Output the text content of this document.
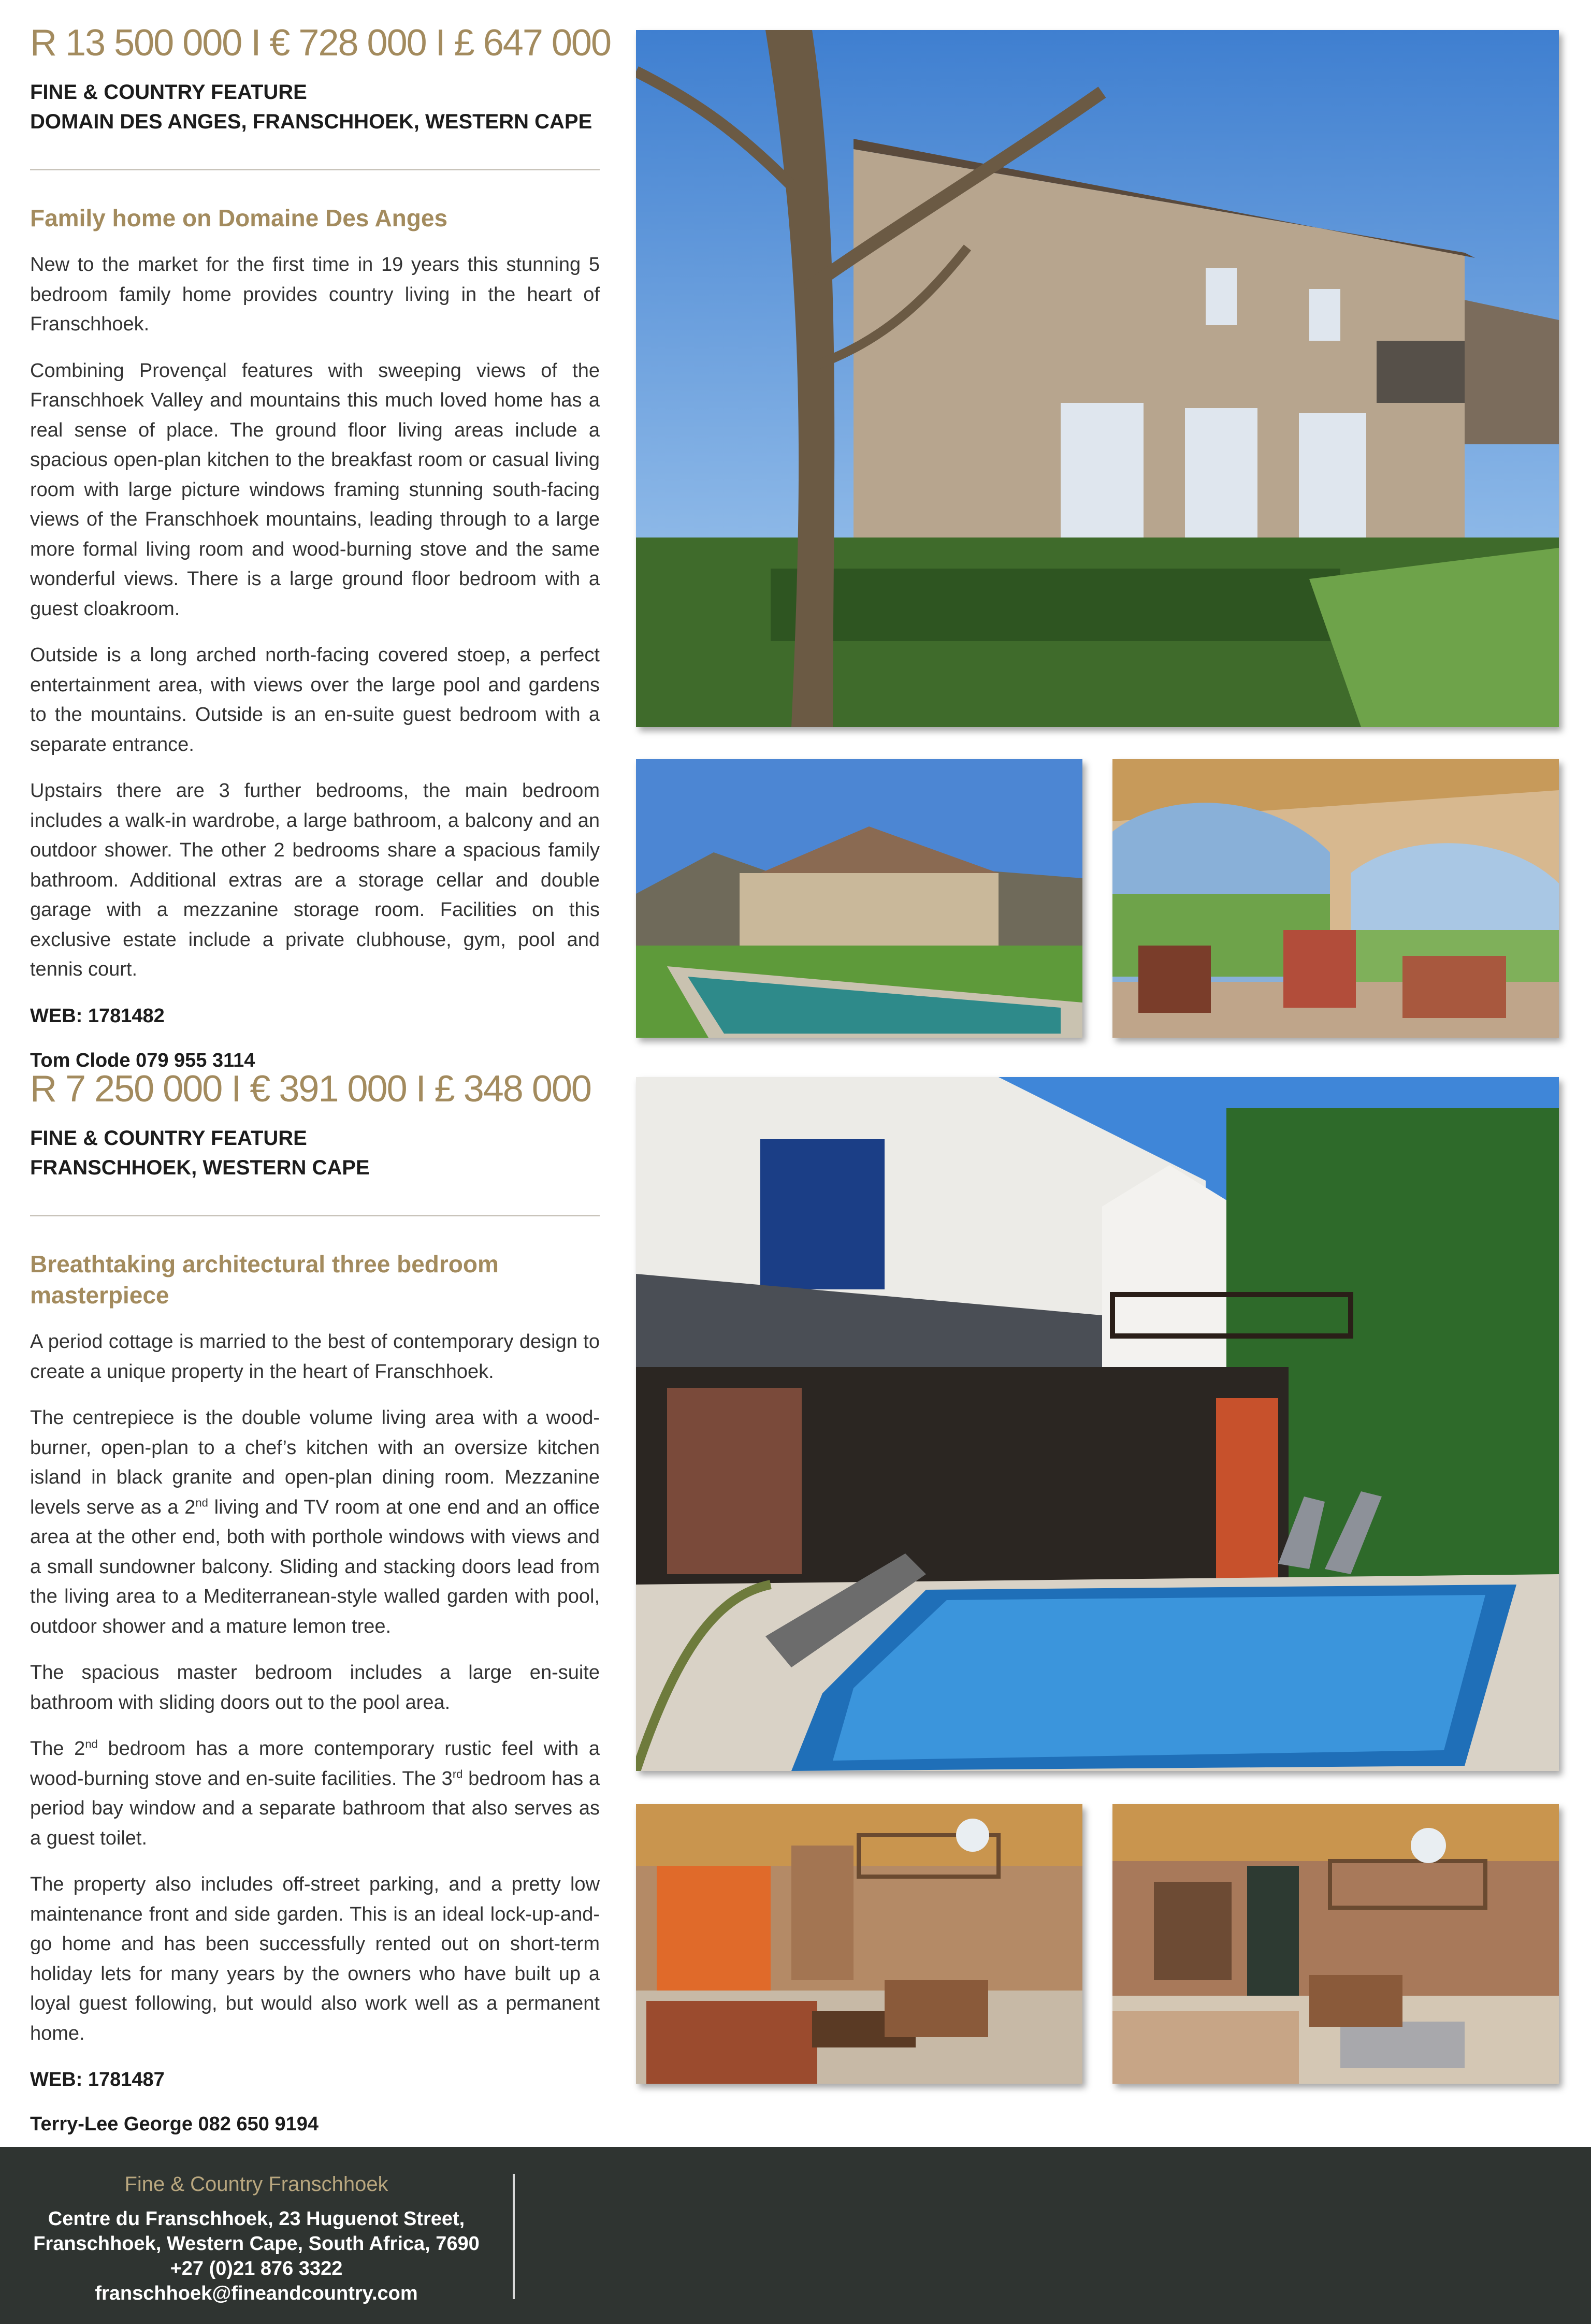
R 13 500 000 I € 728 000 I £ 647 000

FINE & COUNTRY FEATURE
DOMAIN DES ANGES, FRANSCHHOEK, WESTERN CAPE

Family home on Domaine Des Anges

New to the market for the first time in 19 years this stunning 5 bedroom family home provides country living in the heart of Franschhoek.

Combining Provençal features with sweeping views of the Franschhoek Valley and mountains this much loved home has a real sense of place. The ground floor living areas include a spacious open-plan kitchen to the breakfast room or casual living room with large picture windows framing stunning south-facing views of the Franschhoek mountains, leading through to a large more formal living room and wood-burning stove and the same wonderful views. There is a large ground floor bedroom with a guest cloakroom.

Outside is a long arched north-facing covered stoep, a perfect entertainment area, with views over the large pool and gardens to the mountains. Outside is an en-suite guest bedroom with a separate entrance.

Upstairs there are 3 further bedrooms, the main bedroom includes a walk-in wardrobe, a large bathroom, a balcony and an outdoor shower. The other 2 bedrooms share a spacious family bathroom. Additional extras are a storage cellar and double garage with a mezzanine storage room. Facilities on this exclusive estate include a private clubhouse, gym, pool and tennis court.

WEB: 1781482

Tom Clode 079 955 3114

R 7 250 000 I € 391 000 I £ 348 000

FINE & COUNTRY FEATURE
FRANSCHHOEK, WESTERN CAPE

Breathtaking architectural three bedroom masterpiece

A period cottage is married to the best of contemporary design to create a unique property in the heart of Franschhoek.

The centrepiece is the double volume living area with a wood-burner, open-plan to a chef’s kitchen with an oversize kitchen island in black granite and open-plan dining room. Mezzanine levels serve as a 2nd living and TV room at one end and an office area at the other end, both with porthole windows with views and a small sundowner balcony. Sliding and stacking doors lead from the living area to a Mediterranean-style walled garden with pool, outdoor shower and a mature lemon tree.

The spacious master bedroom includes a large en-suite bathroom with sliding doors out to the pool area.

The 2nd bedroom has a more contemporary rustic feel with a wood-burning stove and en-suite facilities. The 3rd bedroom has a period bay window and a separate bathroom that also serves as a guest toilet.

The property also includes off-street parking, and a pretty low maintenance front and side garden. This is an ideal lock-up-and-go home and has been successfully rented out on short-term holiday lets for many years by the owners who have built up a loyal guest following, but would also work well as a permanent home.

WEB: 1781487

Terry-Lee George 082 650 9194

Fine & Country Franschhoek
Centre du Franschhoek, 23 Huguenot Street,
Franschhoek, Western Cape, South Africa, 7690
+27 (0)21 876 3322
franschhoek@fineandcountry.com
